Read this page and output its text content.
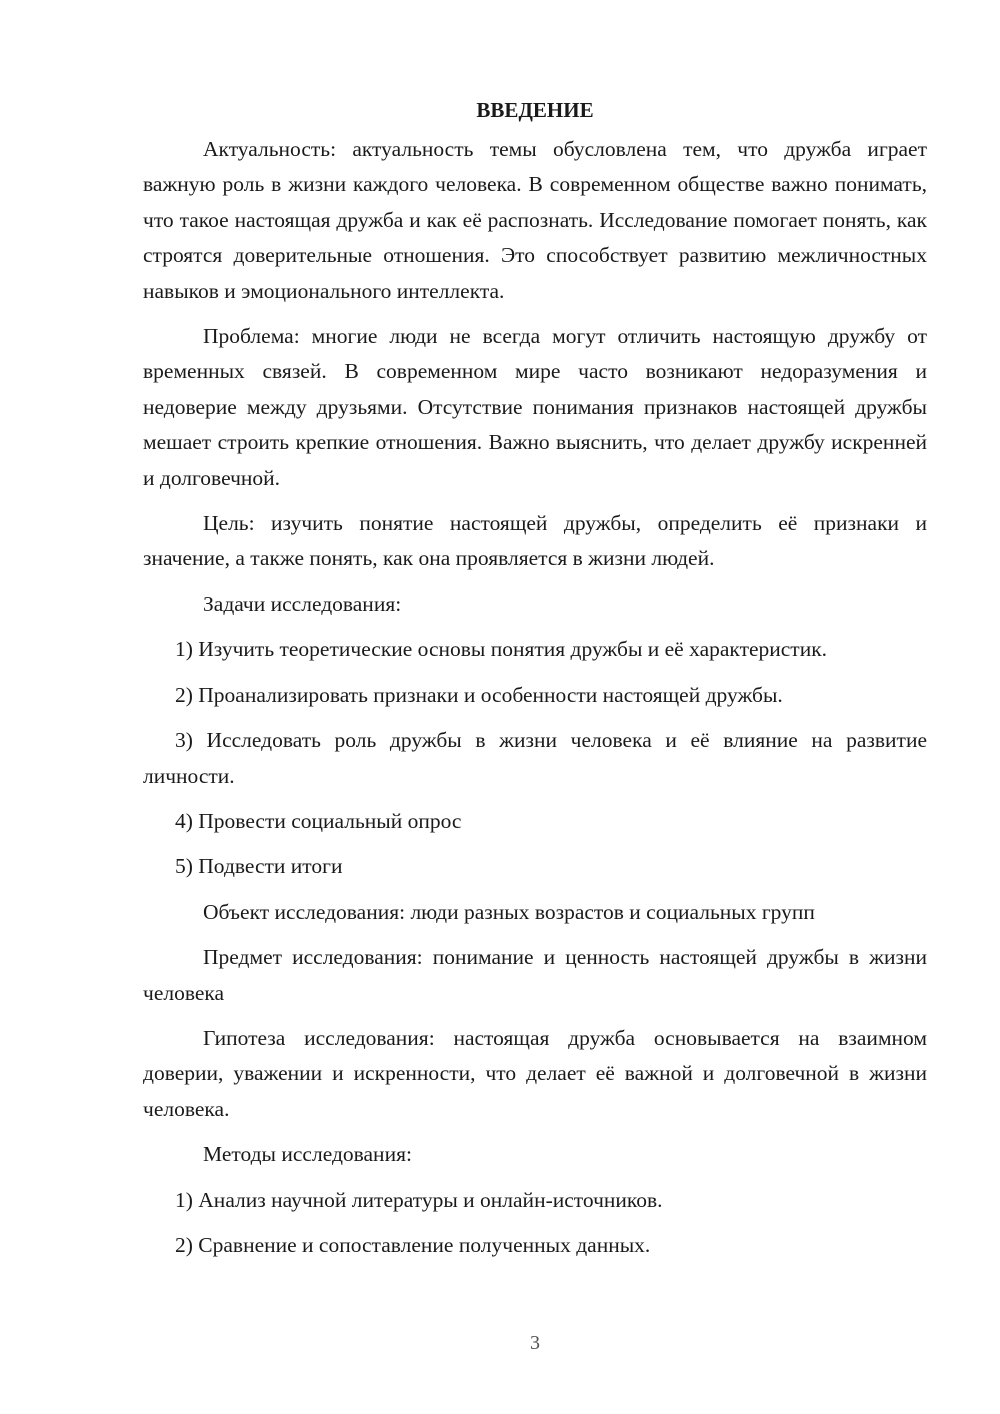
ВВЕДЕНИЕ

Актуальность: актуальность темы обусловлена тем, что дружба играет важную роль в жизни каждого человека. В современном обществе важно понимать, что такое настоящая дружба и как её распознать. Исследование помогает понять, как строятся доверительные отношения. Это способствует развитию межличностных навыков и эмоционального интеллекта.

Проблема: многие люди не всегда могут отличить настоящую дружбу от временных связей. В современном мире часто возникают недоразумения и недоверие между друзьями. Отсутствие понимания признаков настоящей дружбы мешает строить крепкие отношения. Важно выяснить, что делает дружбу искренней и долговечной.

Цель: изучить понятие настоящей дружбы, определить её признаки и значение, а также понять, как она проявляется в жизни людей.

Задачи исследования:

1) Изучить теоретические основы понятия дружбы и её характеристик.

2) Проанализировать признаки и особенности настоящей дружбы.

3) Исследовать роль дружбы в жизни человека и её влияние на развитие личности.

4) Провести социальный опрос

5) Подвести итоги

Объект исследования: люди разных возрастов и социальных групп

Предмет исследования: понимание и ценность настоящей дружбы в жизни человека

Гипотеза исследования: настоящая дружба основывается на взаимном доверии, уважении и искренности, что делает её важной и долговечной в жизни человека.

Методы исследования:

1) Анализ научной литературы и онлайн-источников.

2) Сравнение и сопоставление полученных данных.

3
